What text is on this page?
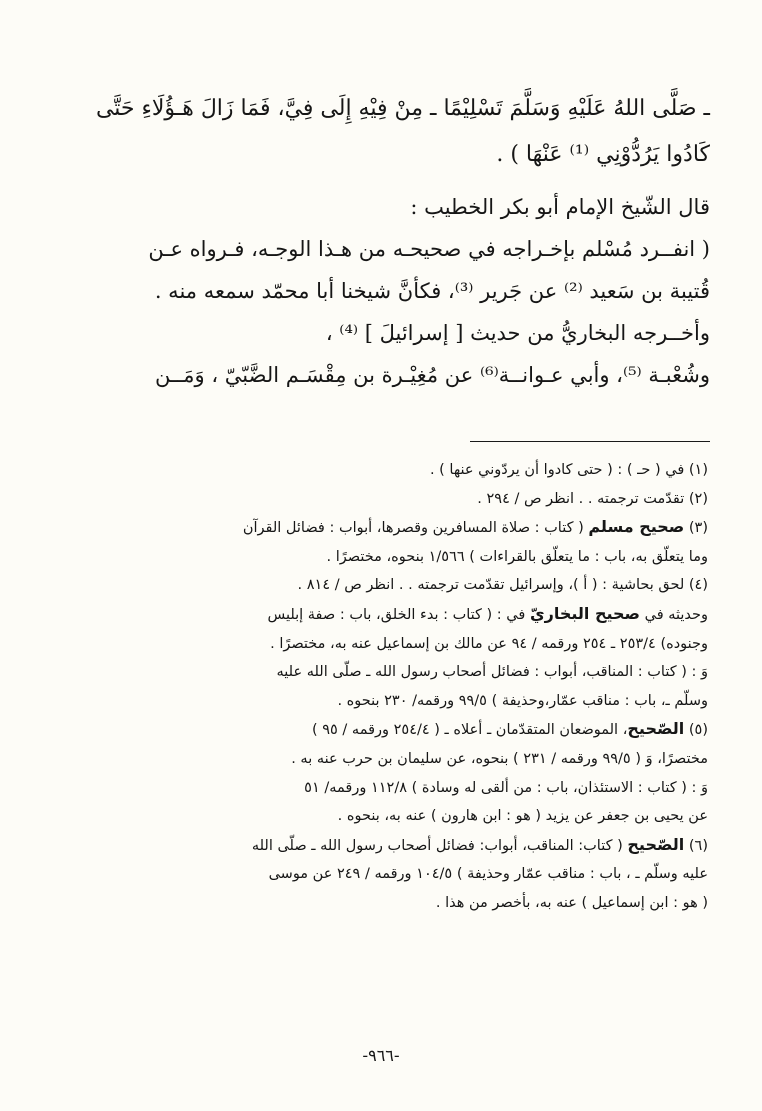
ـ صَلَّى اللهُ عَلَيْهِ وَسَلَّمَ تَسْلِيْمًا ـ مِنْ فِيْهِ إِلَى فِيَّ، فَمَا زَالَ هَـؤُلَاءِ حَتَّى

كَادُوا يَرُدُّوْنِي ⁽¹⁾ عَنْهَا ) .

قال الشّيخ الإمام أبو بكر الخطيب :

( انفــرد مُسْلم بإخـراجه في صحيحـه من هـذا الوجـه، فـرواه عـن

قُتيبة بن سَعيد ⁽²⁾ عن جَرير ⁽³⁾، فكأنَّ شيخنا أبا محمّد سمعه منه .

وأخــرجه البخاريُّ من حديث [ إسرائيلَ ] ⁽⁴⁾ ،

وشُعْبـة ⁽⁵⁾، وأبي عـوانــة⁽⁶⁾ عن مُغِيْـرة بن مِقْسَـم الضَّبّيّ ، وَمَــن

(١) في ( حـ ) : ( حتى كادوا أن يردّوني عنها ) .

(٢) تقدّمت ترجمته . . انظر ص / ٢٩٤ .

(٣) صحيح مسلم ( كتاب : صلاة المسافرين وقصرها، أبواب : فضائل القرآن

وما يتعلّق به، باب : ما يتعلّق بالقراءات ) ١/٥٦٦ بنحوه، مختصرًا .

(٤) لحق بحاشية : ( أ )، وإسرائيل تقدّمت ترجمته . . انظر ص / ٨١٤ .

وحديثه في صحيح البخاريّ في : ( كتاب : بدء الخلق، باب : صفة إبليس

وجنوده) ٢٥٣/٤ ـ ٢٥٤ ورقمه / ٩٤ عن مالك بن إسماعيل عنه به، مختصرًا .

وَ : ( كتاب : المناقب، أبواب : فضائل أصحاب رسول الله ـ صلّى الله عليه

وسلّم ـ، باب : مناقب عمّار،وحذيفة ) ٩٩/٥ ورقمه/ ٢٣٠ بنحوه .

(٥) الصّحيح، الموضعان المتقدّمان ـ أعلاه ـ ( ٢٥٤/٤ ورقمه / ٩٥ )

مختصرًا، وَ ( ٩٩/٥ ورقمه / ٢٣١ ) بنحوه، عن سليمان بن حرب عنه به .

وَ : ( كتاب : الاستئذان، باب : من ألقى له وسادة ) ١١٢/٨ ورقمه/ ٥١

عن يحيى بن جعفر عن يزيد ( هو : ابن هارون ) عنه به، بنحوه .

(٦) الصّحيح ( كتاب: المناقب، أبواب: فضائل أصحاب رسول الله ـ صلّى الله

عليه وسلّم ـ ، باب : مناقب عمّار وحذيفة ) ١٠٤/٥ ورقمه / ٢٤٩ عن موسى

( هو : ابن إسماعيل ) عنه به، بأخصر من هذا .

-٩٦٦-
